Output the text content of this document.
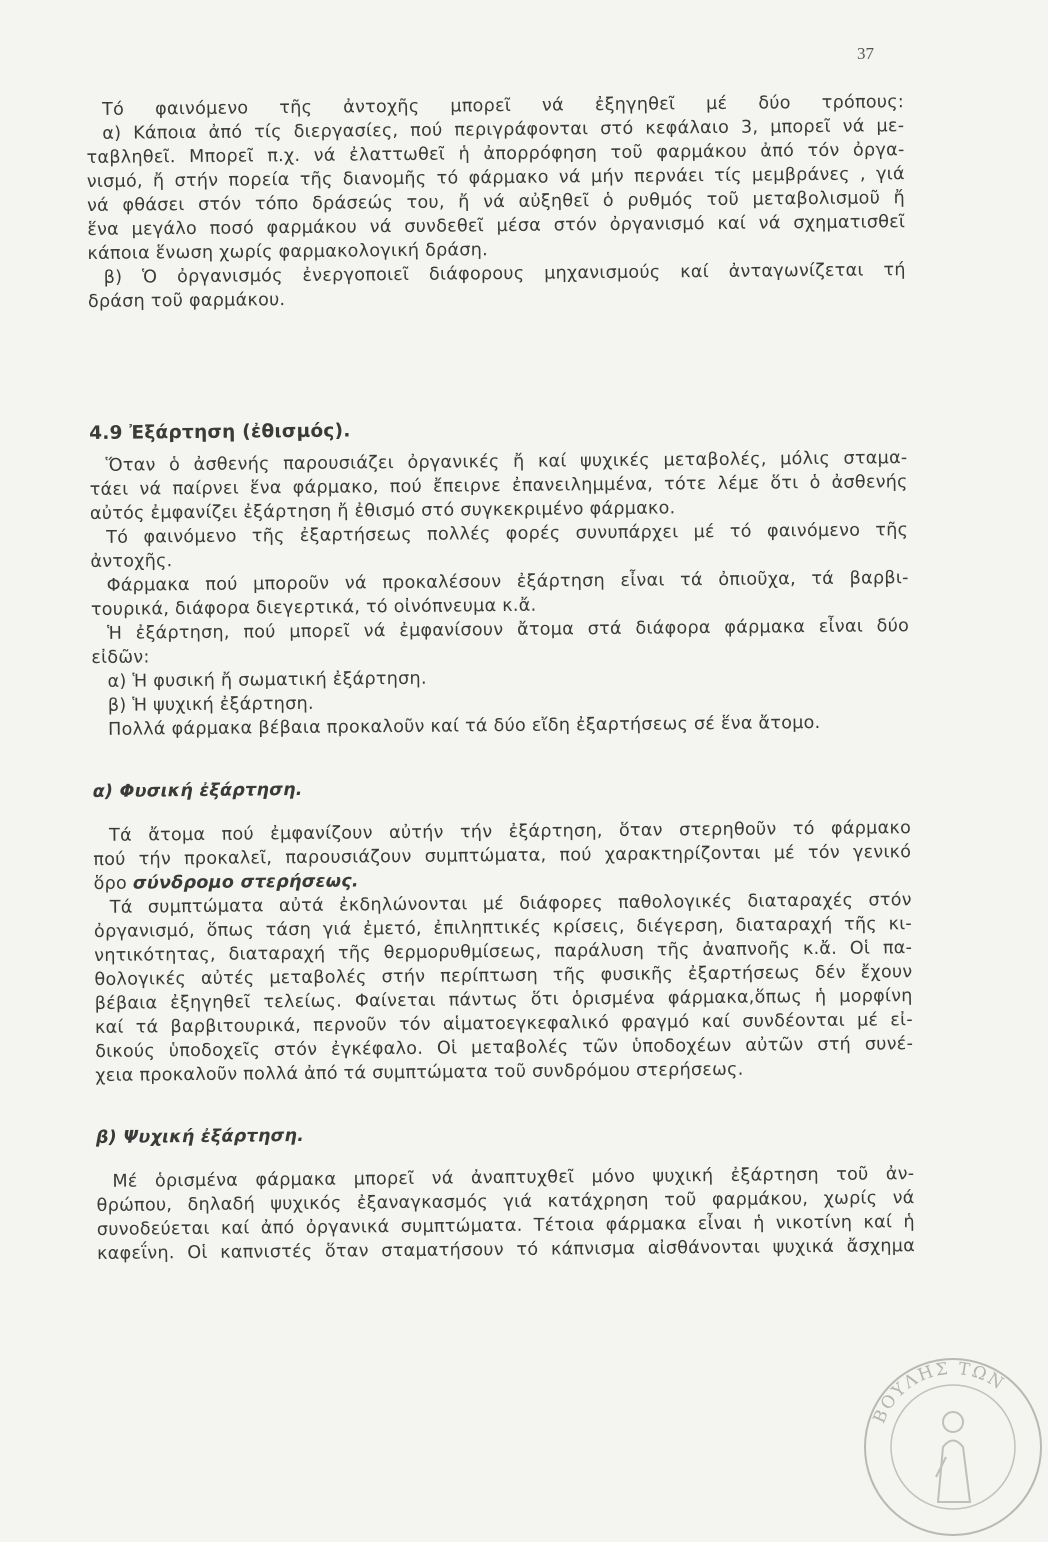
37

Τό φαινόμενο τῆς ἀντοχῆς μπορεῖ νά ἐξηγηθεῖ μέ δύο τρόπους:

α) Κάποια ἀπό τίς διεργασίες, πού περιγράφονται στό κεφάλαιο 3, μπορεῖ νά με-

ταβληθεῖ. Μπορεῖ π.χ. νά ἐλαττωθεῖ ἡ ἀπορρόφηση τοῦ φαρμάκου ἀπό τόν ὀργα-

νισμό, ἤ στήν πορεία τῆς διανομῆς τό φάρμακο νά μήν περνάει τίς μεμβράνες , γιά

νά φθάσει στόν τόπο δράσεώς του, ἤ νά αὐξηθεῖ ὁ ρυθμός τοῦ μεταβολισμοῦ ἤ

ἕνα μεγάλο ποσό φαρμάκου νά συνδεθεῖ μέσα στόν ὀργανισμό καί νά σχηματισθεῖ

κάποια ἕνωση χωρίς φαρμακολογική δράση.

β) Ὁ ὀργανισμός ἐνεργοποιεῖ διάφορους μηχανισμούς καί ἀνταγωνίζεται τή

δράση τοῦ φαρμάκου.

4.9 Ἐξάρτηση (ἐθισμός).

Ὅταν ὁ ἀσθενής παρουσιάζει ὀργανικές ἤ καί ψυχικές μεταβολές, μόλις σταμα-

τάει νά παίρνει ἕνα φάρμακο, πού ἔπειρνε ἐπανειλημμένα, τότε λέμε ὅτι ὁ ἀσθενής

αὐτός ἐμφανίζει ἐξάρτηση ἤ ἐθισμό στό συγκεκριμένο φάρμακο.

Τό φαινόμενο τῆς ἐξαρτήσεως πολλές φορές συνυπάρχει μέ τό φαινόμενο τῆς

ἀντοχῆς.

Φάρμακα πού μποροῦν νά προκαλέσουν ἐξάρτηση εἶναι τά ὀπιοῦχα, τά βαρβι-

τουρικά, διάφορα διεγερτικά, τό οἰνόπνευμα κ.ἄ.

Ἡ ἐξάρτηση, πού μπορεῖ νά ἐμφανίσουν ἄτομα στά διάφορα φάρμακα εἶναι δύο

εἰδῶν:

α) Ἡ φυσική ἤ σωματική ἐξάρτηση.

β) Ἡ ψυχική ἐξάρτηση.

Πολλά φάρμακα βέβαια προκαλοῦν καί τά δύο εἴδη ἐξαρτήσεως σέ ἕνα ἄτομο.

α) Φυσική ἐξάρτηση.

Τά ἄτομα πού ἐμφανίζουν αὐτήν τήν ἐξάρτηση, ὅταν στερηθοῦν τό φάρμακο

πού τήν προκαλεῖ, παρουσιάζουν συμπτώματα, πού χαρακτηρίζονται μέ τόν γενικό

ὅρο σύνδρομο στερήσεως.

Τά συμπτώματα αὐτά ἐκδηλώνονται μέ διάφορες παθολογικές διαταραχές στόν

ὀργανισμό, ὅπως τάση γιά ἐμετό, ἐπιληπτικές κρίσεις, διέγερση, διαταραχή τῆς κι-

νητικότητας, διαταραχή τῆς θερμορυθμίσεως, παράλυση τῆς ἀναπνοῆς κ.ἄ. Οἱ πα-

θολογικές αὐτές μεταβολές στήν περίπτωση τῆς φυσικῆς ἐξαρτήσεως δέν ἔχουν

βέβαια ἐξηγηθεῖ τελείως. Φαίνεται πάντως ὅτι ὁρισμένα φάρμακα,ὅπως ἡ μορφίνη

καί τά βαρβιτουρικά, περνοῦν τόν αἱματοεγκεφαλικό φραγμό καί συνδέονται μέ εἰ-

δικούς ὑποδοχεῖς στόν ἐγκέφαλο. Οἱ μεταβολές τῶν ὑποδοχέων αὐτῶν στή συνέ-

χεια προκαλοῦν πολλά ἀπό τά συμπτώματα τοῦ συνδρόμου στερήσεως.

β) Ψυχική ἐξάρτηση.

Μέ ὁρισμένα φάρμακα μπορεῖ νά ἀναπτυχθεῖ μόνο ψυχική ἐξάρτηση τοῦ ἀν-

θρώπου, δηλαδή ψυχικός ἐξαναγκασμός γιά κατάχρηση τοῦ φαρμάκου, χωρίς νά

συνοδεύεται καί ἀπό ὀργανικά συμπτώματα. Τέτοια φάρμακα εἶναι ἡ νικοτίνη καί ἡ

καφεΐνη. Οἱ καπνιστές ὅταν σταματήσουν τό κάπνισμα αἰσθάνονται ψυχικά ἄσχημα

ΒΟΥΛΗΣ ΤΩΝ
